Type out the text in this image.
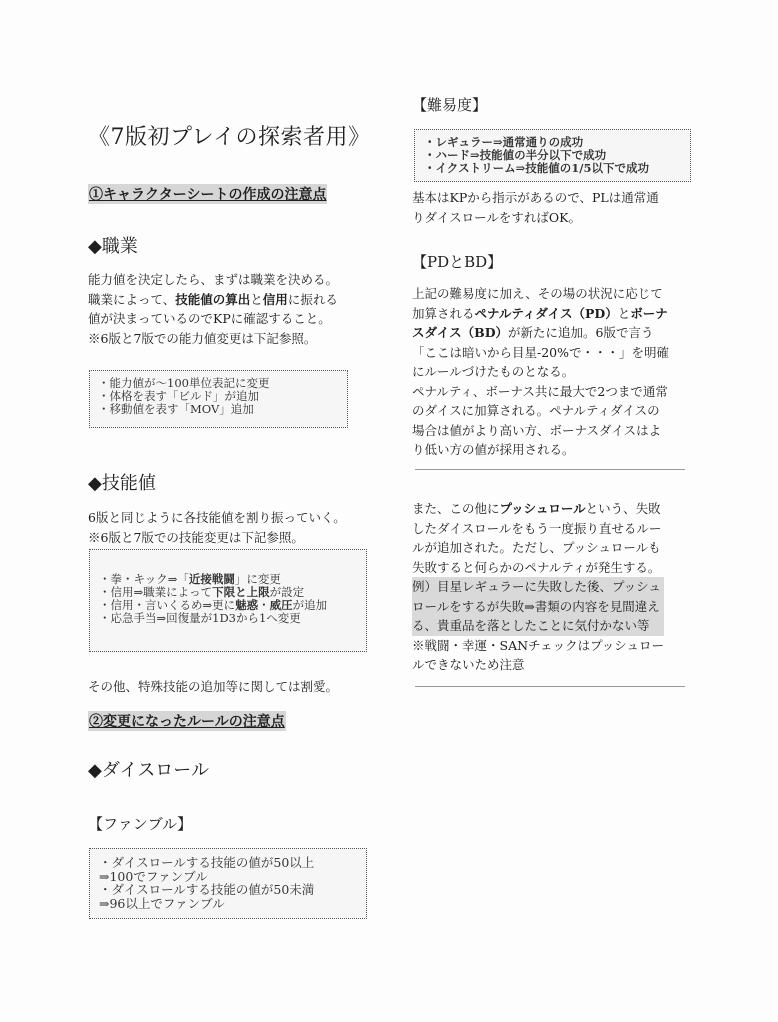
《7版初プレイの探索者用》
①キャラクターシートの作成の注意点
◆職業
能力値を決定したら、まずは職業を決める。
職業によって、技能値の算出と信用に振れる
値が決まっているのでKPに確認すること。
※6版と7版での能力値変更は下記参照。
・能力値が～100単位表記に変更
・体格を表す「ビルド」が追加
・移動値を表す「MOV」追加
◆技能値
6版と同じように各技能値を割り振っていく。
※6版と7版での技能変更は下記参照。
・拳・キック⇒「近接戦闘」に変更
・信用⇒職業によって下限と上限が設定
・信用・言いくるめ⇒更に魅惑・威圧が追加
・応急手当⇒回復量が1D3から1へ変更
その他、特殊技能の追加等に関しては割愛。
②変更になったルールの注意点
◆ダイスロール
【ファンブル】
・ダイスロールする技能の値が50以上
⇒100でファンブル
・ダイスロールする技能の値が50未満
⇒96以上でファンブル
【難易度】
・レギュラー⇒通常通りの成功
・ハード⇒技能値の半分以下で成功
・イクストリーム⇒技能値の1/5以下で成功
基本はKPから指示があるので、PLは通常通
りダイスロールをすればOK。
【PDとBD】
上記の難易度に加え、その場の状況に応じて
加算されるペナルティダイス（PD）とボーナ
スダイス（BD）が新たに追加。6版で言う
「ここは暗いから目星-20%で・・・」を明確
にルールづけたものとなる。
ペナルティ、ボーナス共に最大で2つまで通常
のダイスに加算される。ペナルティダイスの
場合は値がより高い方、ボーナスダイスはよ
り低い方の値が採用される。
また、この他にプッシュロールという、失敗
したダイスロールをもう一度振り直せるルー
ルが追加された。ただし、プッシュロールも
失敗すると何らかのペナルティが発生する。
例）目星レギュラーに失敗した後、プッシュ
ロールをするが失敗⇒書類の内容を見間違え
る、貴重品を落としたことに気付かない等
※戦闘・幸運・SANチェックはプッシュロー
ルできないため注意
